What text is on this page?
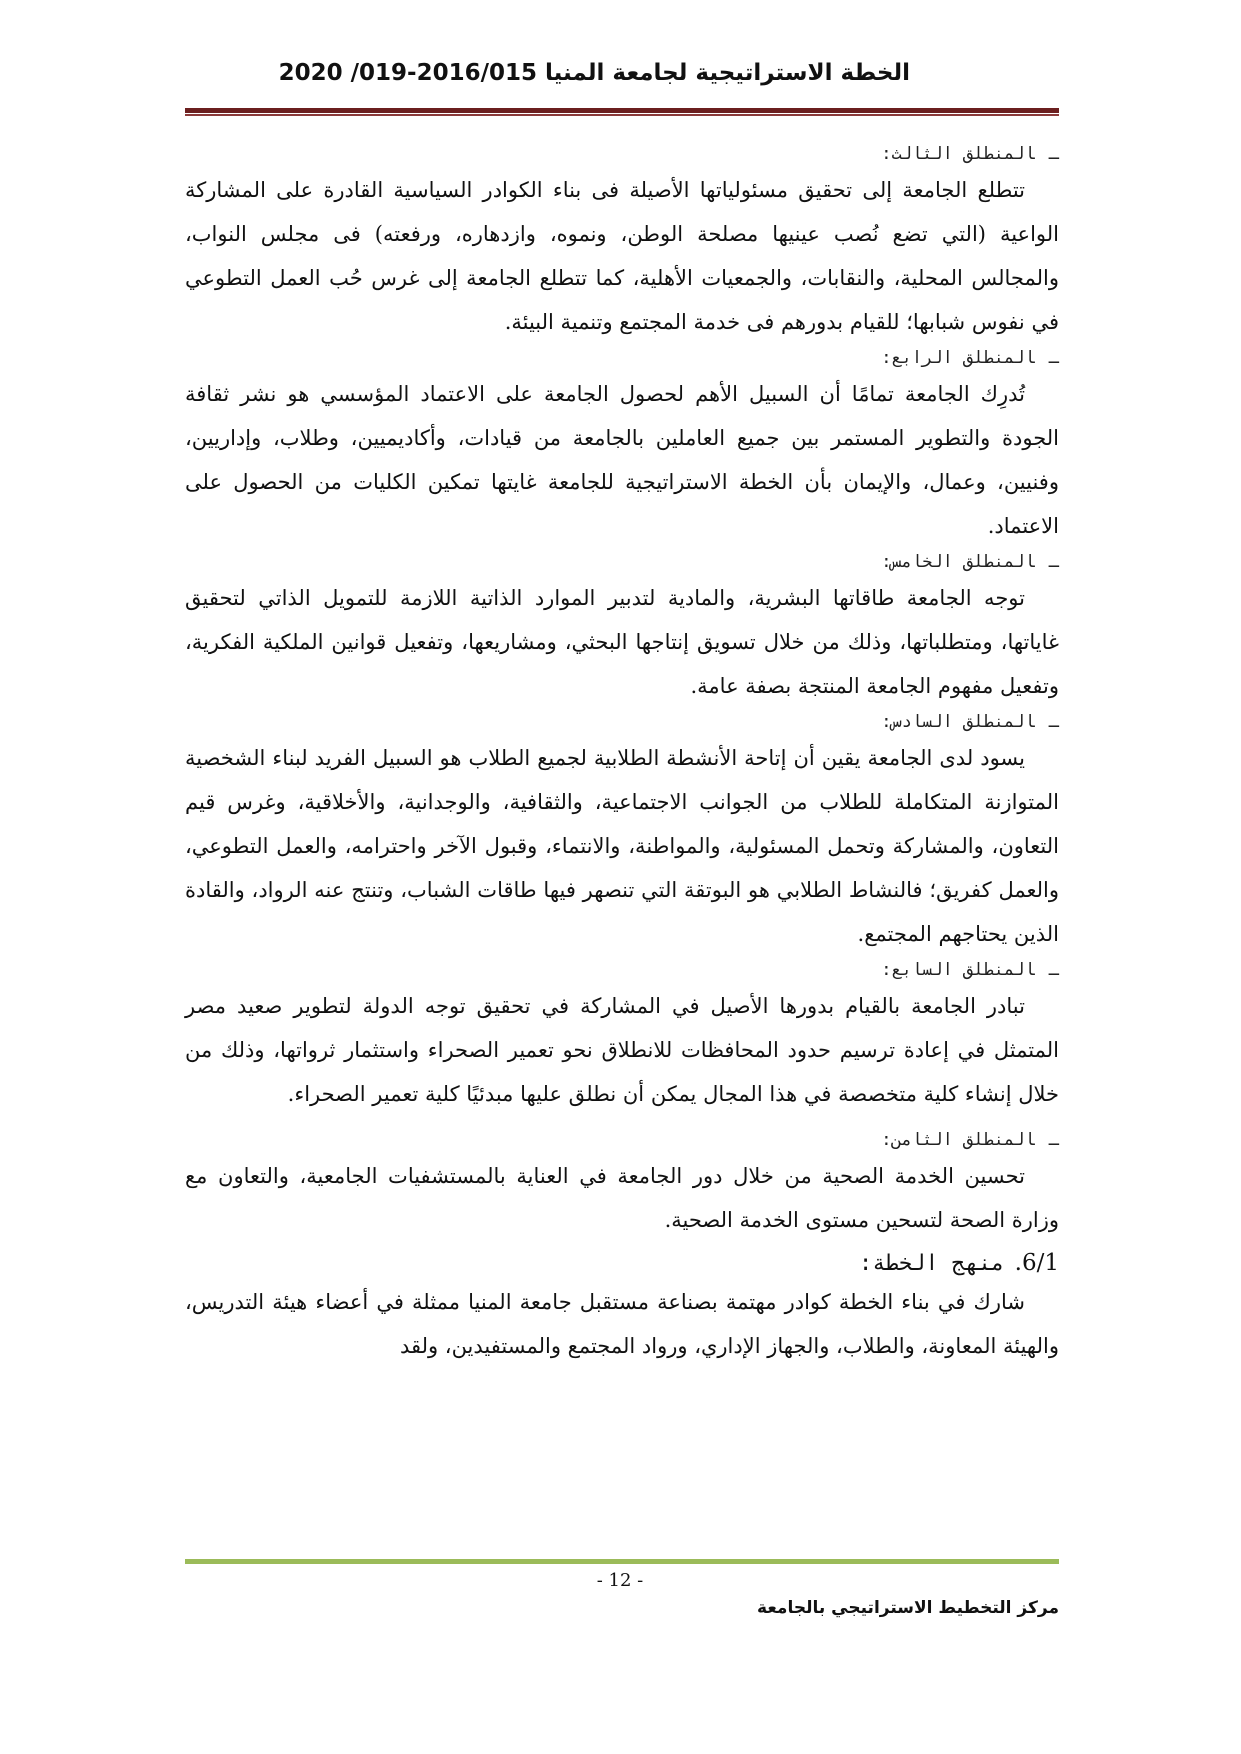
الخطة الاستراتيجية لجامعة المنيا 2016/015-019/ 2020
ـالمنطلق الثالث:

تتطلع الجامعة إلى تحقيق مسئولياتها الأصيلة فى بناء الكوادر السياسية القادرة على المشاركة الواعية (التي تضع نُصب عينيها مصلحة الوطن، ونموه، وازدهاره، ورفعته) فى مجلس النواب، والمجالس المحلية، والنقابات، والجمعيات الأهلية، كما تتطلع الجامعة إلى غرس حُب العمل التطوعي في نفوس شبابها؛ للقيام بدورهم فى خدمة المجتمع وتنمية البيئة.

ـالمنطلق الرابع:

تُدرِك الجامعة تمامًا أن السبيل الأهم لحصول الجامعة على الاعتماد المؤسسي هو نشر ثقافة الجودة والتطوير المستمر بين جميع العاملين بالجامعة من قيادات، وأكاديميين، وطلاب، وإداريين، وفنيين، وعمال، والإيمان بأن الخطة الاستراتيجية للجامعة غايتها تمكين الكليات من الحصول على الاعتماد.

ـالمنطلق الخامس:

توجه الجامعة طاقاتها البشرية، والمادية لتدبير الموارد الذاتية اللازمة للتمويل الذاتي لتحقيق غاياتها، ومتطلباتها، وذلك من خلال تسويق إنتاجها البحثي، ومشاريعها، وتفعيل قوانين الملكية الفكرية، وتفعيل مفهوم الجامعة المنتجة بصفة عامة.

ـالمنطلق السادس:

يسود لدى الجامعة يقين أن إتاحة الأنشطة الطلابية لجميع الطلاب هو السبيل الفريد لبناء الشخصية المتوازنة المتكاملة للطلاب من الجوانب الاجتماعية، والثقافية، والوجدانية، والأخلاقية، وغرس قيم التعاون، والمشاركة وتحمل المسئولية، والمواطنة، والانتماء، وقبول الآخر واحترامه، والعمل التطوعي، والعمل كفريق؛ فالنشاط الطلابي هو البوتقة التي تنصهر فيها طاقات الشباب، وتنتج عنه الرواد، والقادة الذين يحتاجهم المجتمع.

ـالمنطلق السابع:

تبادر الجامعة بالقيام بدورها الأصيل في المشاركة في تحقيق توجه الدولة لتطوير صعيد مصر المتمثل في إعادة ترسيم حدود المحافظات للانطلاق نحو تعمير الصحراء واستثمار ثرواتها، وذلك من خلال إنشاء كلية متخصصة في هذا المجال يمكن أن نطلق عليها مبدئيًا كلية تعمير الصحراء.

ـالمنطلق الثامن:

تحسين الخدمة الصحية من خلال دور الجامعة في العناية بالمستشفيات الجامعية، والتعاون مع وزارة الصحة لتسحين مستوى الخدمة الصحية.

6/1.منهج الخطة:

شارك في بناء الخطة كوادر مهتمة بصناعة مستقبل جامعة المنيا ممثلة في أعضاء هيئة التدريس، والهيئة المعاونة، والطلاب، والجهاز الإداري، ورواد المجتمع والمستفيدين، ولقد

- 12 -
مركز التخطيط الاستراتيجي بالجامعة
